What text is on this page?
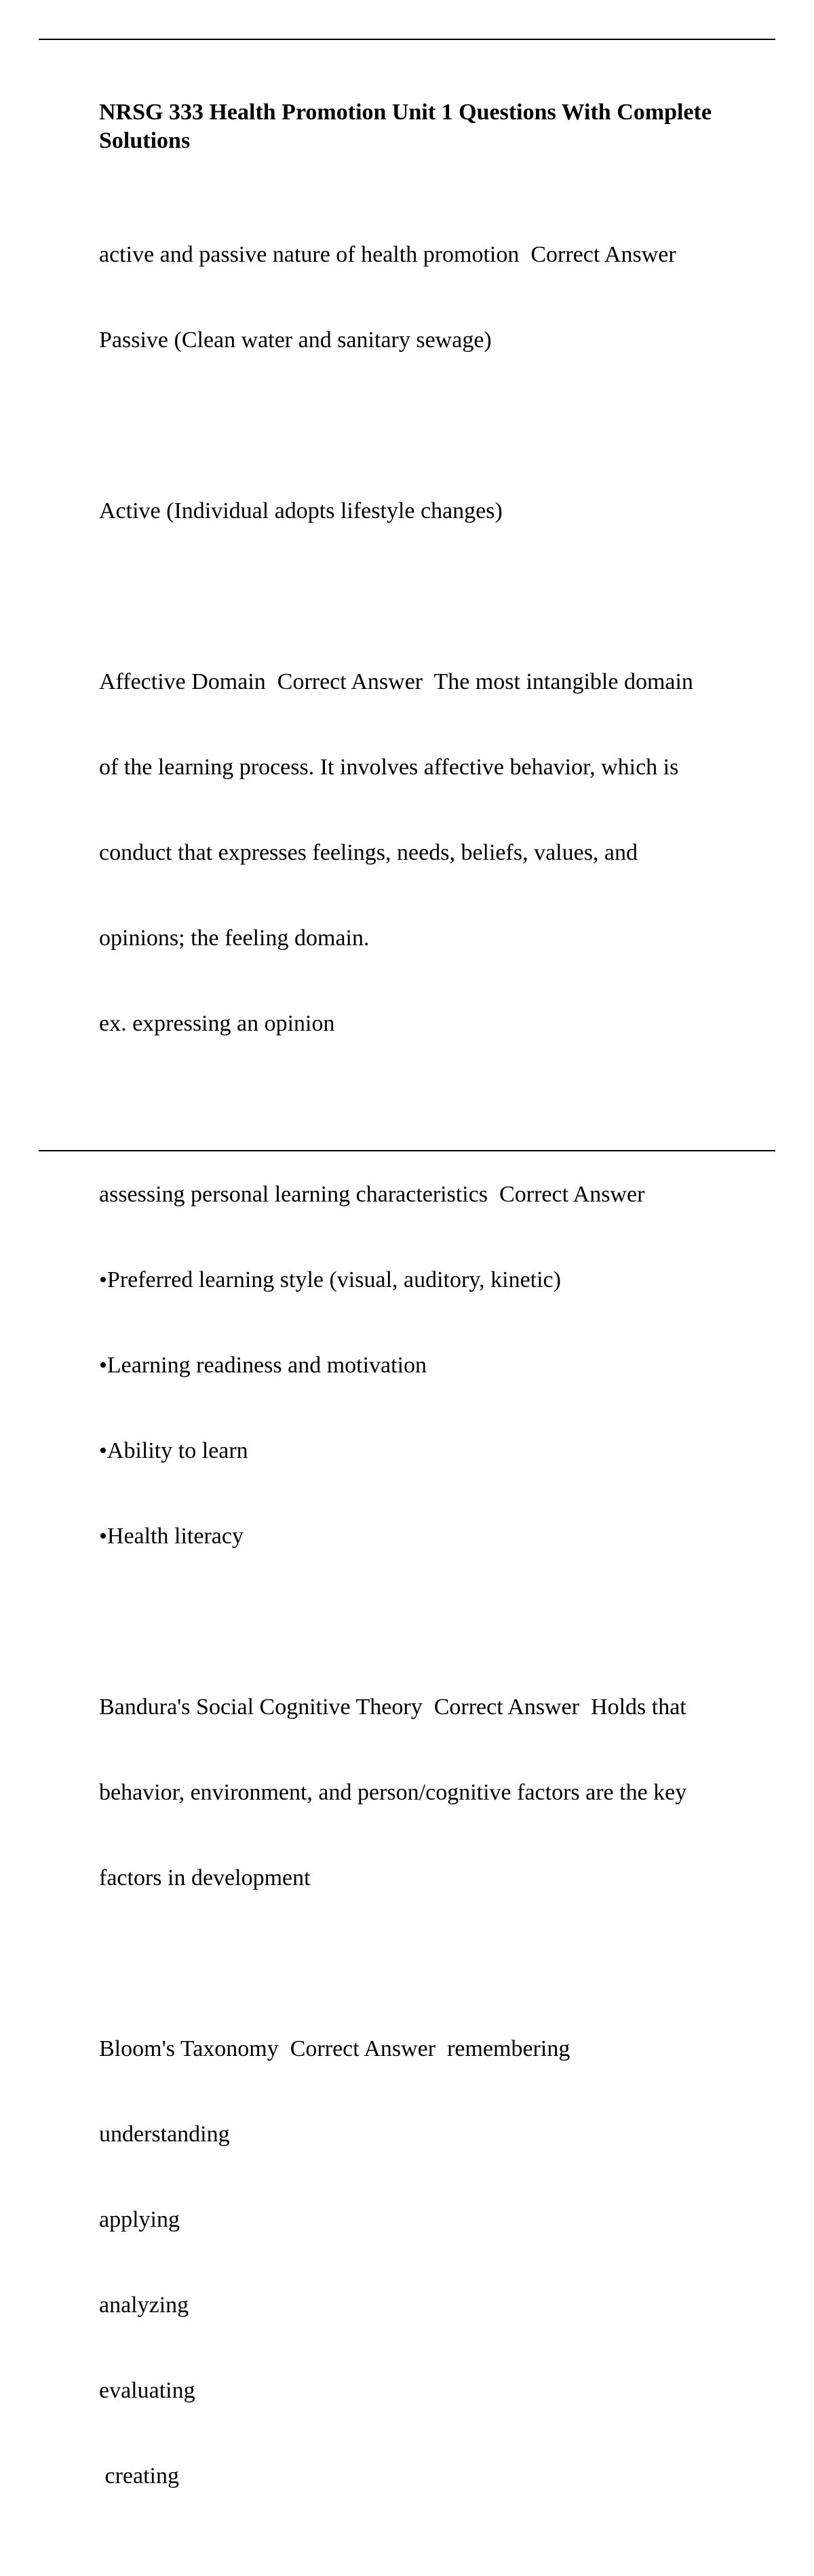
NRSG 333 Health Promotion Unit 1 Questions With Complete Solutions

active and passive nature of health promotion  Correct Answer

Passive (Clean water and sanitary sewage)

Active (Individual adopts lifestyle changes)

Affective Domain  Correct Answer  The most intangible domain

of the learning process. It involves affective behavior, which is

conduct that expresses feelings, needs, beliefs, values, and

opinions; the feeling domain.

ex. expressing an opinion

assessing personal learning characteristics  Correct Answer

•Preferred learning style (visual, auditory, kinetic)

•Learning readiness and motivation

•Ability to learn

•Health literacy

Bandura's Social Cognitive Theory  Correct Answer  Holds that

behavior, environment, and person/cognitive factors are the key

factors in development

Bloom's Taxonomy  Correct Answer  remembering

understanding

applying

analyzing

evaluating

creating
